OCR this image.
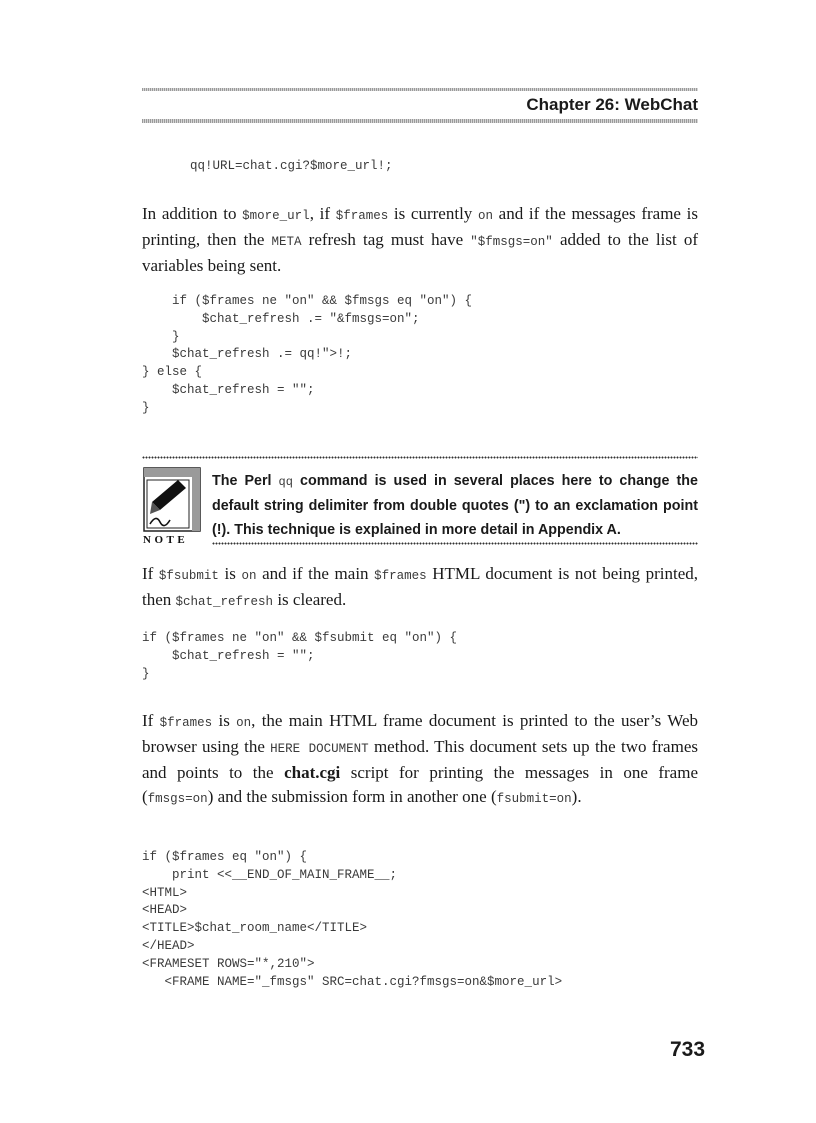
Chapter 26: WebChat

qq!URL=chat.cgi?$more_url!;

In addition to $more_url, if $frames is currently on and if the messages frame is printing, then the META refresh tag must have "$fmsgs=on" added to the list of variables being sent.

if ($frames ne "on" && $fmsgs eq "on") {
$chat_refresh .= "&fmsgs=on";
}
$chat_refresh .= qq!">!;
} else {
$chat_refresh = "";
}
NOTE

The Perl qq command is used in several places here to change the default string delimiter from double quotes (") to an exclamation point (!). This technique is explained in more detail in Appendix A.

If $fsubmit is on and if the main $frames HTML document is not being printed, then $chat_refresh is cleared.

if ($frames ne "on" && $fsubmit eq "on") {
$chat_refresh = "";
}

If $frames is on, the main HTML frame document is printed to the user’s Web browser using the HERE DOCUMENT method. This document sets up the two frames and points to the chat.cgi script for printing the messages in one frame (fmsgs=on) and the submission form in another one (fsubmit=on).

if ($frames eq "on") {
print <<__END_OF_MAIN_FRAME__;
<HTML>
<HEAD>
<TITLE>$chat_room_name</TITLE>
</HEAD>
<FRAMESET ROWS="*,210">
<FRAME NAME="_fmsgs" SRC=chat.cgi?fmsgs=on&$more_url>

733
